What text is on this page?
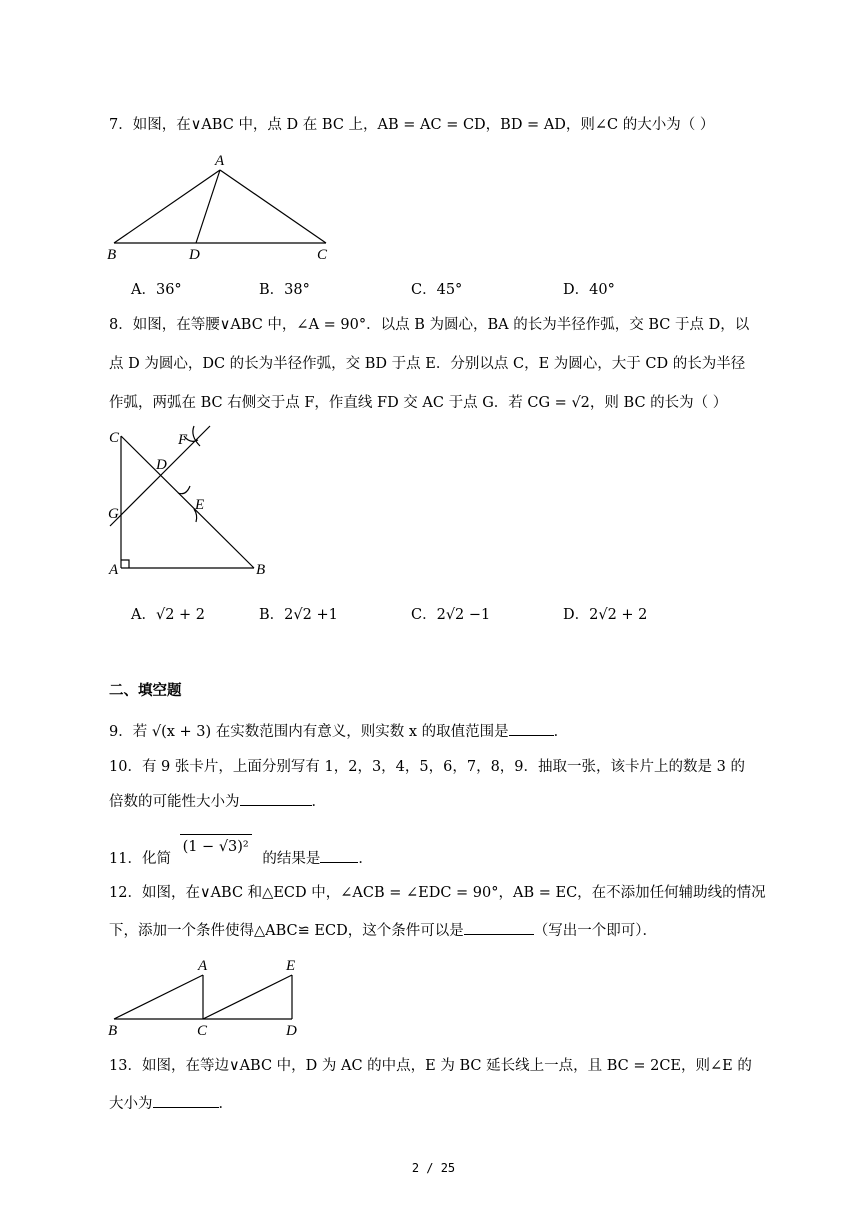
7．如图，在∨ABC 中，点 D 在 BC 上，AB = AC = CD，BD = AD，则∠C 的大小为（ ）
A
B	D	C
A．36°	B．38°	C．45°	D．40°
8．如图，在等腰∨ABC 中，∠A = 90°．以点 B 为圆心，BA 的长为半径作弧，交 BC 于点 D，以
点 D 为圆心，DC 的长为半径作弧，交 BD 于点 E．分别以点 C，E 为圆心，大于 CD 的长为半径
作弧，两弧在 BC 右侧交于点 F，作直线 FD 交 AC 于点 G．若 CG = √2，则 BC 的长为（ ）
C	F
D
E
G
A	B
A．√2 + 2	B．2√2 +1	C．2√2 −1	D．2√2 + 2
二、填空题
9．若 √(x + 3) 在实数范围内有意义，则实数 x 的取值范围是	．
10．有 9 张卡片，上面分别写有 1，2，3，4，5，6，7，8，9．抽取一张，该卡片上的数是 3 的
倍数的可能性大小为	．
11．化简 (1 − √3)² 的结果是	．
12．如图，在∨ABC 和△ECD 中，∠ACB = ∠EDC = 90°，AB = EC，在不添加任何辅助线的情况
下，添加一个条件使得△ABC≌ ECD，这个条件可以是	（写出一个即可）．
A	E
B	C	D
13．如图，在等边∨ABC 中，D 为 AC 的中点，E 为 BC 延长线上一点，且 BC = 2CE，则∠E 的
大小为	．
2 / 25
